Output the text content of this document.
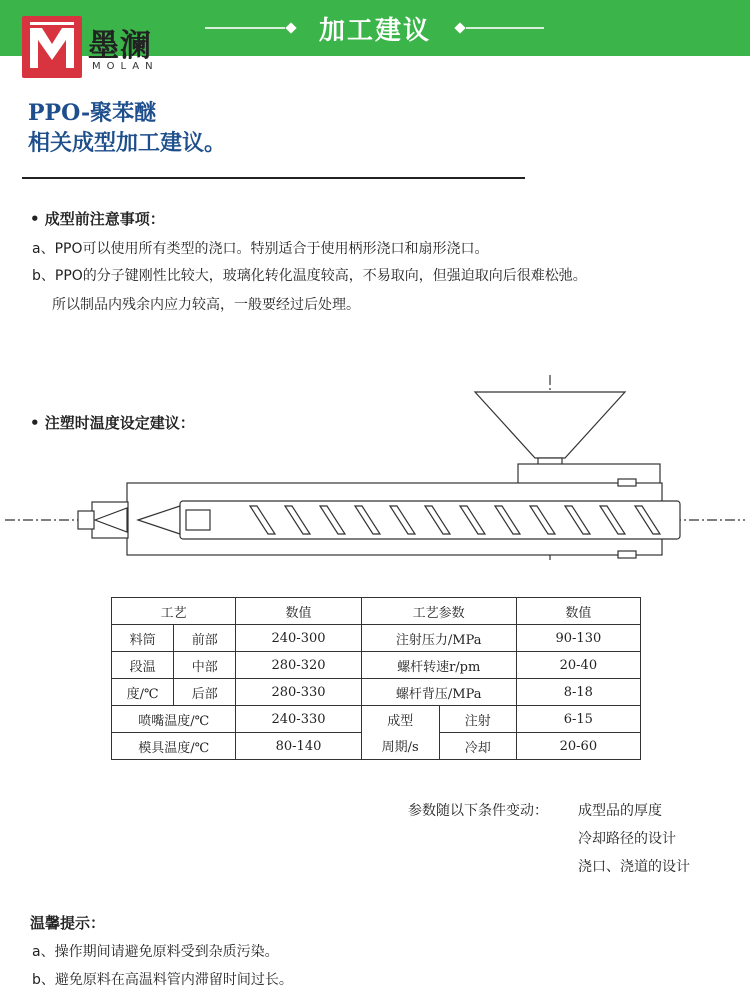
墨澜
MOLAN
加工建议
PPO-聚苯醚
相关成型加工建议。
• 成型前注意事项：
a、PPO可以使用所有类型的浇口。特别适合于使用柄形浇口和扇形浇口。
b、PPO的分子键刚性比较大，玻璃化转化温度较高，不易取向，但强迫取向后很难松弛。
所以制品内残余内应力较高，一般要经过后处理。
• 注塑时温度设定建议：
工艺		数值	工艺参数		数值
料筒	前部	240-300	注射压力/MPa		90-130
段温	中部	280-320	螺杆转速r/pm		20-40
度/℃	后部	280-330	螺杆背压/MPa		8-18
喷嘴温度/℃		240-330	成型	注射	6-15
模具温度/℃		80-140	周期/s	冷却	20-60
参数随以下条件变动： 成型品的厚度
冷却路径的设计
浇口、浇道的设计
温馨提示：
a、操作期间请避免原料受到杂质污染。
b、避免原料在高温料管内滞留时间过长。
